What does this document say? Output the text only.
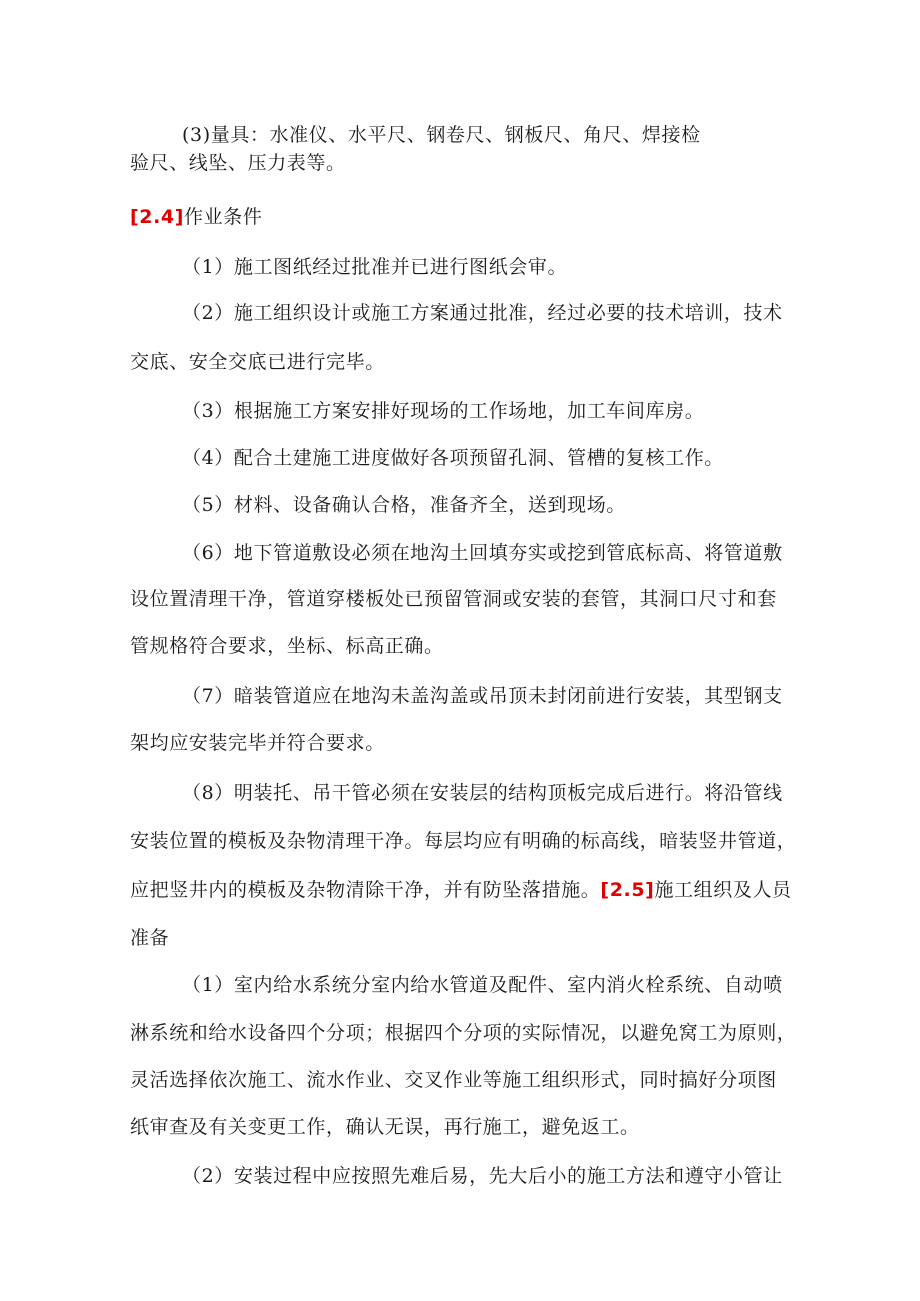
(3)量具：水准仪、水平尺、钢卷尺、钢板尺、角尺、焊接检
验尺、线坠、压力表等。
[2.4]作业条件
（1）施工图纸经过批准并已进行图纸会审。
（2）施工组织设计或施工方案通过批准，经过必要的技术培训，技术
交底、安全交底已进行完毕。
（3）根据施工方案安排好现场的工作场地，加工车间库房。
（4）配合土建施工进度做好各项预留孔洞、管槽的复核工作。
（5）材料、设备确认合格，准备齐全，送到现场。
（6）地下管道敷设必须在地沟土回填夯实或挖到管底标高、将管道敷
设位置清理干净，管道穿楼板处已预留管洞或安装的套管，其洞口尺寸和套
管规格符合要求，坐标、标高正确。
（7）暗装管道应在地沟未盖沟盖或吊顶未封闭前进行安装，其型钢支
架均应安装完毕并符合要求。
（8）明装托、吊干管必须在安装层的结构顶板完成后进行。将沿管线
安装位置的模板及杂物清理干净。每层均应有明确的标高线，暗装竖井管道，
应把竖井内的模板及杂物清除干净，并有防坠落措施。[2.5]施工组织及人员
准备
（1）室内给水系统分室内给水管道及配件、室内消火栓系统、自动喷
淋系统和给水设备四个分项；根据四个分项的实际情况，以避免窝工为原则，
灵活选择依次施工、流水作业、交叉作业等施工组织形式，同时搞好分项图
纸审查及有关变更工作，确认无误，再行施工，避免返工。
（2）安装过程中应按照先难后易，先大后小的施工方法和遵守小管让
